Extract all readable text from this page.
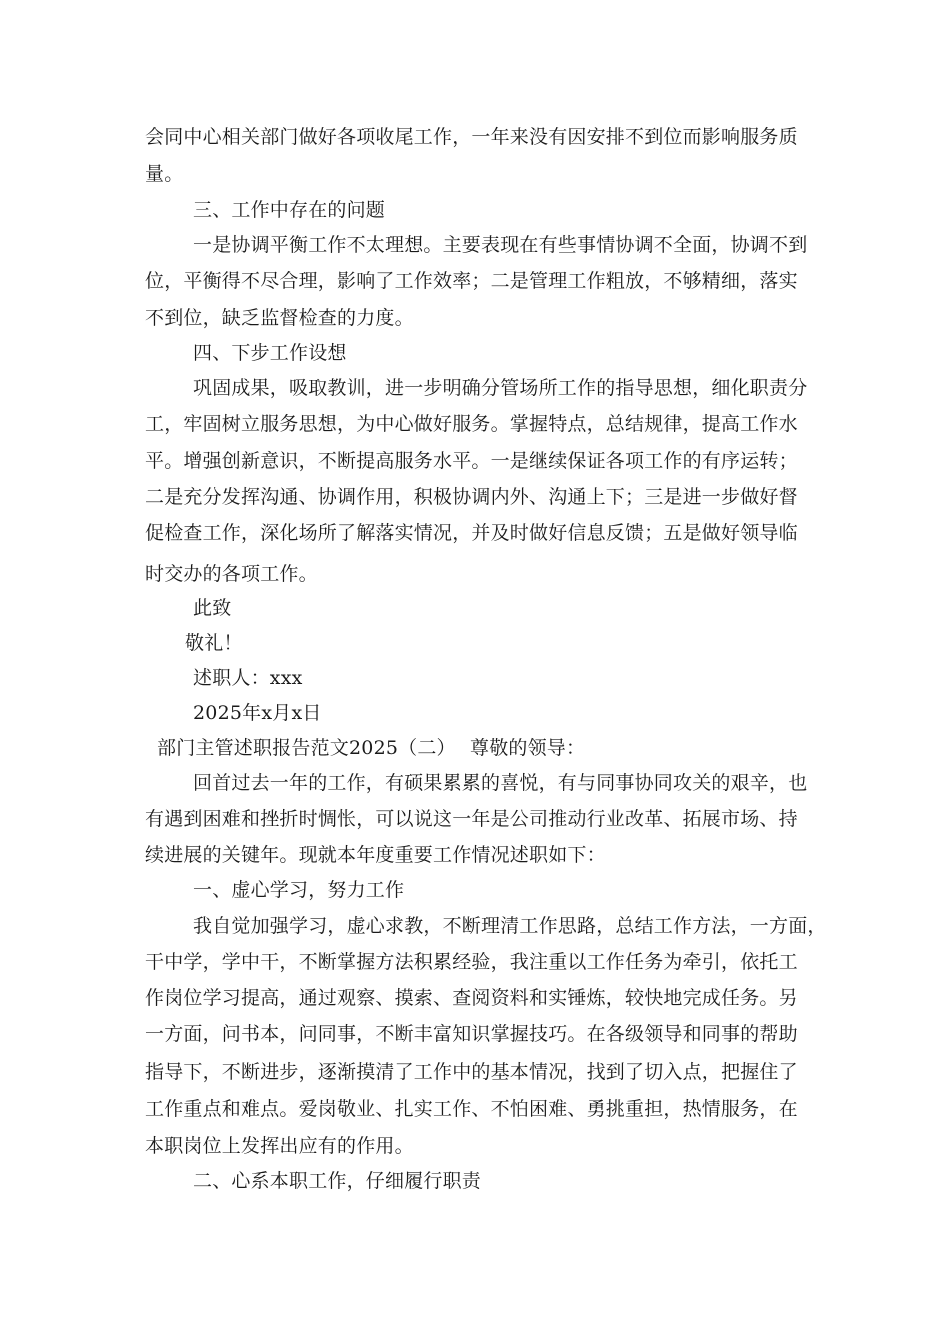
会同中心相关部门做好各项收尾工作，一年来没有因安排不到位而影响服务质
量。
三、工作中存在的问题
一是协调平衡工作不太理想。主要表现在有些事情协调不全面，协调不到
位，平衡得不尽合理，影响了工作效率；二是管理工作粗放，不够精细，落实
不到位，缺乏监督检查的力度。
四、下步工作设想
巩固成果，吸取教训，进一步明确分管场所工作的指导思想，细化职责分
工，牢固树立服务思想，为中心做好服务。掌握特点，总结规律，提高工作水
平。增强创新意识，不断提高服务水平。一是继续保证各项工作的有序运转；
二是充分发挥沟通、协调作用，积极协调内外、沟通上下；三是进一步做好督
促检查工作，深化场所了解落实情况，并及时做好信息反馈；五是做好领导临
时交办的各项工作。
此致
敬礼！
述职人：xxx
2025年x月x日
部门主管述职报告范文2025（二） 尊敬的领导：
回首过去一年的工作，有硕果累累的喜悦，有与同事协同攻关的艰辛，也
有遇到困难和挫折时惆怅，可以说这一年是公司推动行业改革、拓展市场、持
续进展的关键年。现就本年度重要工作情况述职如下：
一、虚心学习，努力工作
我自觉加强学习，虚心求教，不断理清工作思路，总结工作方法，一方面，
干中学，学中干，不断掌握方法积累经验，我注重以工作任务为牵引，依托工
作岗位学习提高，通过观察、摸索、查阅资料和实锤炼，较快地完成任务。另
一方面，问书本，问同事，不断丰富知识掌握技巧。在各级领导和同事的帮助
指导下，不断进步，逐渐摸清了工作中的基本情况，找到了切入点，把握住了
工作重点和难点。爱岗敬业、扎实工作、不怕困难、勇挑重担，热情服务，在
本职岗位上发挥出应有的作用。
二、心系本职工作，仔细履行职责
